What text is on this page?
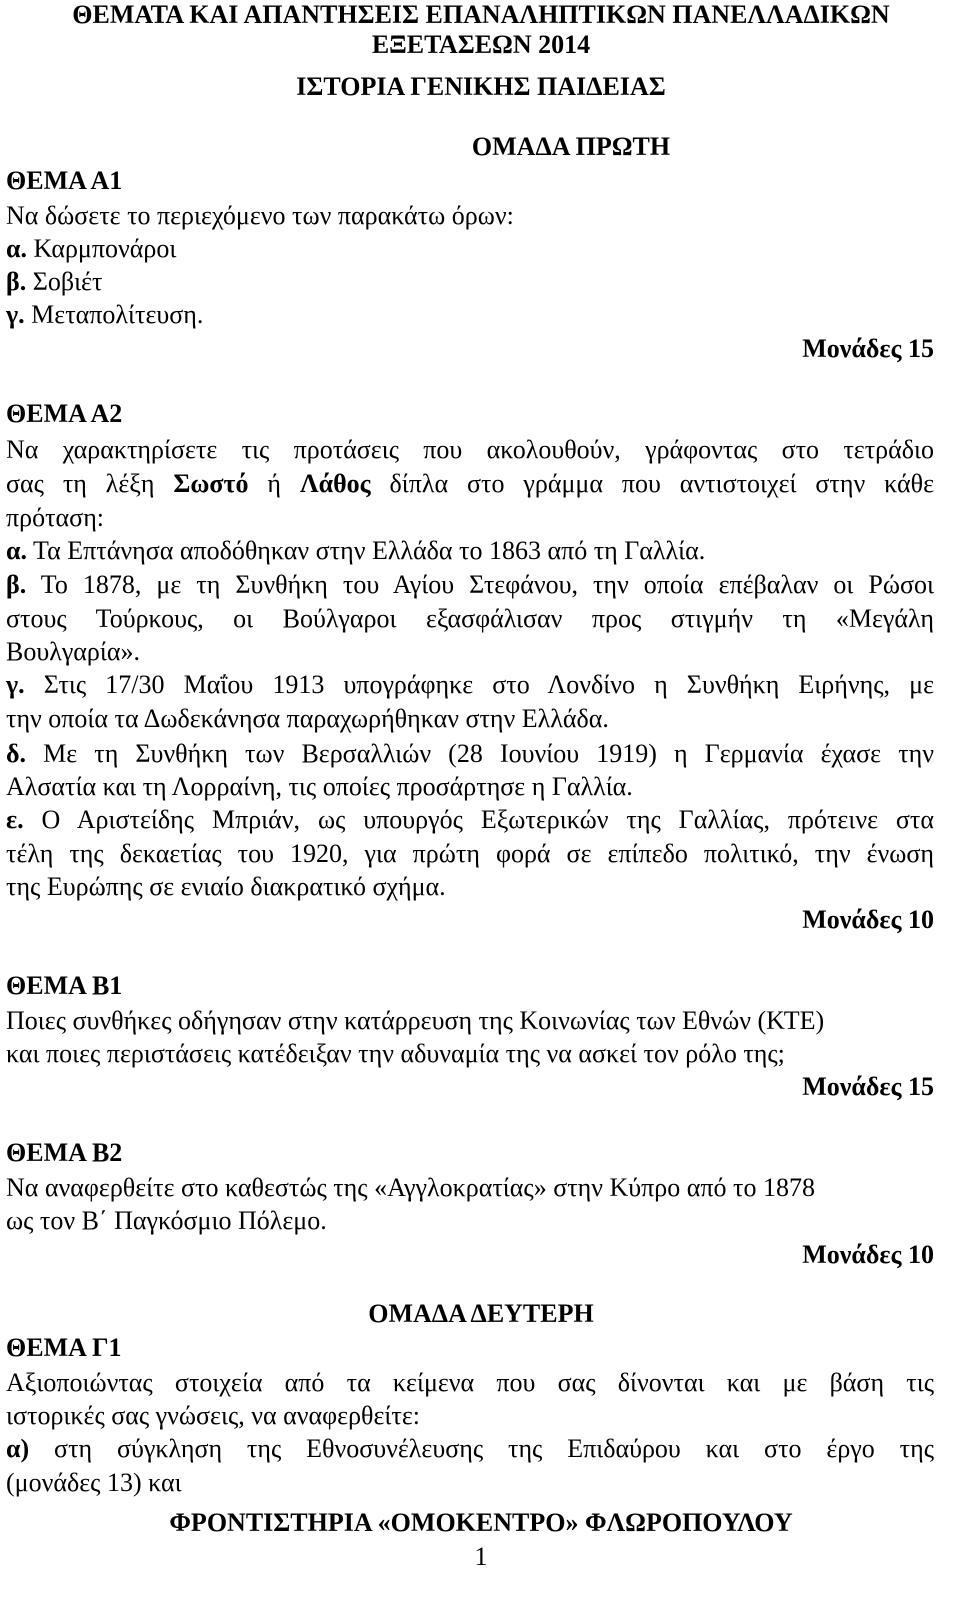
ΘΕΜΑΤΑ ΚΑΙ ΑΠΑΝΤΗΣΕΙΣ ΕΠΑΝΑΛΗΠΤΙΚΩΝ ΠΑΝΕΛΛΑΔΙΚΩΝ

ΕΞΕΤΑΣΕΩΝ 2014

ΙΣΤΟΡΙΑ ΓΕΝΙΚΗΣ ΠΑΙΔΕΙΑΣ

ΟΜΑΔΑ ΠΡΩΤΗ

ΘΕΜΑ Α1

Να δώσετε το περιεχόμενο των παρακάτω όρων:

α. Καρμπονάροι

β. Σοβιέτ

γ. Μεταπολίτευση.

Μονάδες 15

ΘΕΜΑ Α2

Να χαρακτηρίσετε τις προτάσεις που ακολουθούν, γράφοντας στο τετράδιο

σας τη λέξη Σωστό ή Λάθος δίπλα στο γράμμα που αντιστοιχεί στην κάθε

πρόταση:

α. Τα Επτάνησα αποδόθηκαν στην Ελλάδα το 1863 από τη Γαλλία.

β. Το 1878, με τη Συνθήκη του Αγίου Στεφάνου, την οποία επέβαλαν οι Ρώσοι

στους Τούρκους, οι Βούλγαροι εξασφάλισαν προς στιγμήν τη «Μεγάλη

Βουλγαρία».

γ. Στις 17/30 Μαΐου 1913 υπογράφηκε στο Λονδίνο η Συνθήκη Ειρήνης, με

την οποία τα Δωδεκάνησα παραχωρήθηκαν στην Ελλάδα.

δ. Με τη Συνθήκη των Βερσαλλιών (28 Ιουνίου 1919) η Γερμανία έχασε την

Αλσατία και τη Λορραίνη, τις οποίες προσάρτησε η Γαλλία.

ε. Ο Αριστείδης Μπριάν, ως υπουργός Εξωτερικών της Γαλλίας, πρότεινε στα

τέλη της δεκαετίας του 1920, για πρώτη φορά σε επίπεδο πολιτικό, την ένωση

της Ευρώπης σε ενιαίο διακρατικό σχήμα.

Μονάδες 10

ΘΕΜΑ Β1

Ποιες συνθήκες οδήγησαν στην κατάρρευση της Κοινωνίας των Εθνών (ΚΤΕ)

και ποιες περιστάσεις κατέδειξαν την αδυναμία της να ασκεί τον ρόλο της;

Μονάδες 15

ΘΕΜΑ Β2

Να αναφερθείτε στο καθεστώς της «Αγγλοκρατίας» στην Κύπρο από το 1878

ως τον Β΄ Παγκόσμιο Πόλεμο.

Μονάδες 10

ΟΜΑΔΑ ΔΕΥΤΕΡΗ

ΘΕΜΑ Γ1

Αξιοποιώντας στοιχεία από τα κείμενα που σας δίνονται και με βάση τις

ιστορικές σας γνώσεις, να αναφερθείτε:

α) στη σύγκληση της Εθνοσυνέλευσης της Επιδαύρου και στο έργο της

(μονάδες 13) και

ΦΡΟΝΤΙΣΤΗΡΙΑ «ΟΜΟΚΕΝΤΡΟ» ΦΛΩΡΟΠΟΥΛΟΥ

1
